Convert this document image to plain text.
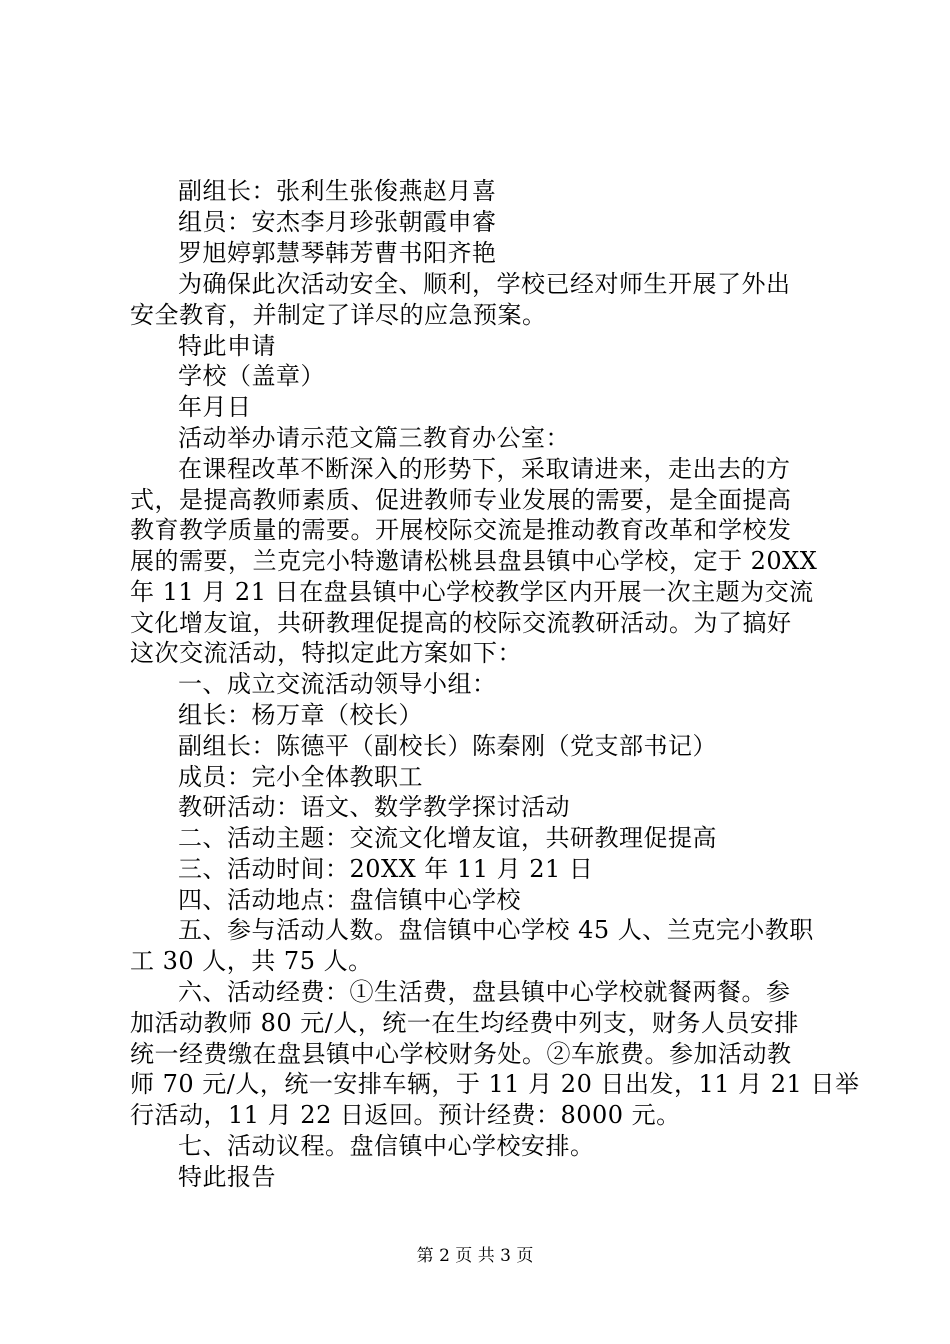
副组长：张利生张俊燕赵月喜
组员：安杰李月珍张朝霞申睿
罗旭婷郭慧琴韩芳曹书阳齐艳
为确保此次活动安全、顺利，学校已经对师生开展了外出
安全教育，并制定了详尽的应急预案。
特此申请
学校（盖章）
年月日
活动举办请示范文篇三教育办公室：
在课程改革不断深入的形势下，采取请进来，走出去的方
式，是提高教师素质、促进教师专业发展的需要，是全面提高
教育教学质量的需要。开展校际交流是推动教育改革和学校发
展的需要，兰克完小特邀请松桃县盘县镇中心学校，定于 20XX
年 11 月 21 日在盘县镇中心学校教学区内开展一次主题为交流
文化增友谊，共研教理促提高的校际交流教研活动。为了搞好
这次交流活动，特拟定此方案如下：
一、成立交流活动领导小组：
组长：杨万章（校长）
副组长：陈德平（副校长）陈秦刚（党支部书记）
成员：完小全体教职工
教研活动：语文、数学教学探讨活动
二、活动主题：交流文化增友谊，共研教理促提高
三、活动时间：20XX 年 11 月 21 日
四、活动地点：盘信镇中心学校
五、参与活动人数。盘信镇中心学校 45 人、兰克完小教职
工 30 人，共 75 人。
六、活动经费：①生活费，盘县镇中心学校就餐两餐。参
加活动教师 80 元/人，统一在生均经费中列支，财务人员安排
统一经费缴在盘县镇中心学校财务处。②车旅费。参加活动教
师 70 元/人，统一安排车辆，于 11 月 20 日出发，11 月 21 日举
行活动，11 月 22 日返回。预计经费：8000 元。
七、活动议程。盘信镇中心学校安排。
特此报告
第 2 页 共 3 页
